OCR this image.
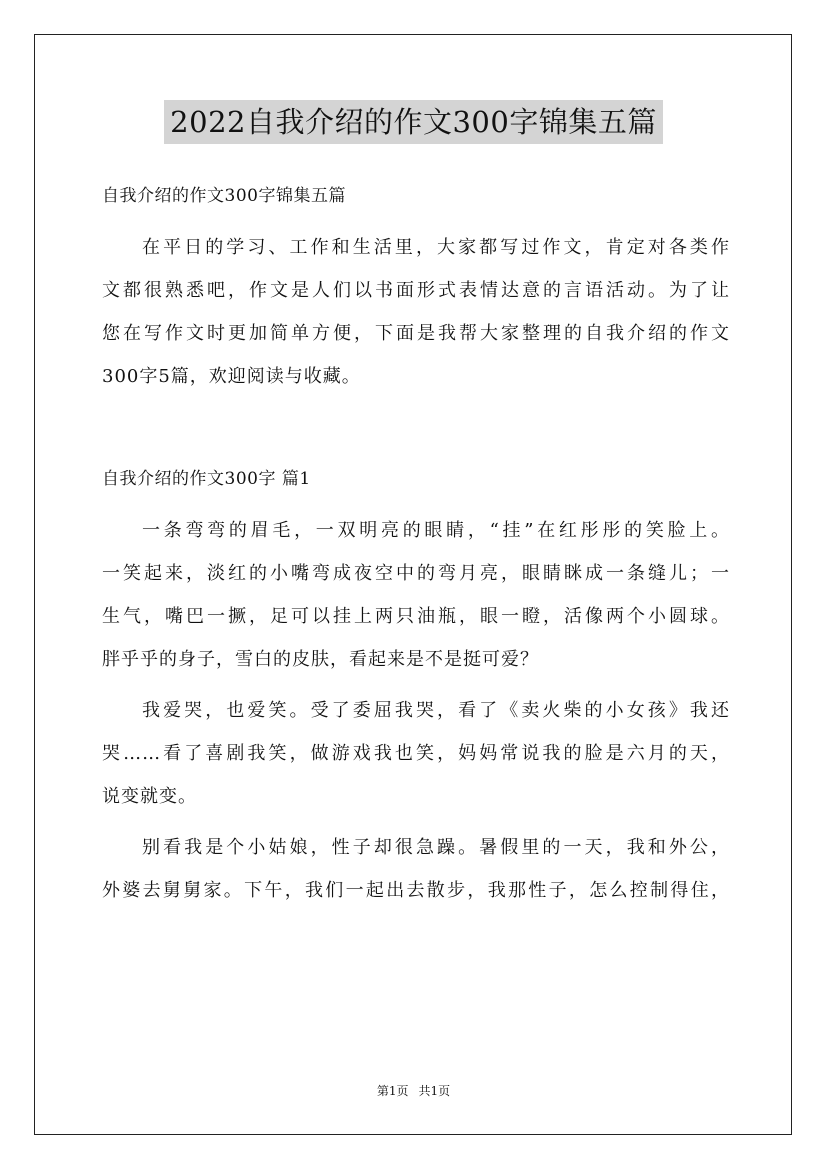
2022自我介绍的作文300字锦集五篇
自我介绍的作文300字锦集五篇
在平日的学习、工作和生活里，大家都写过作文，肯定对各类作
文都很熟悉吧，作文是人们以书面形式表情达意的言语活动。为了让
您在写作文时更加简单方便，下面是我帮大家整理的自我介绍的作文
300字5篇，欢迎阅读与收藏。
自我介绍的作文300字 篇1
一条弯弯的眉毛，一双明亮的眼睛，“挂”在红彤彤的笑脸上。
一笑起来，淡红的小嘴弯成夜空中的弯月亮，眼睛眯成一条缝儿；一
生气，嘴巴一撅，足可以挂上两只油瓶，眼一瞪，活像两个小圆球。
胖乎乎的身子，雪白的皮肤，看起来是不是挺可爱？
我爱哭，也爱笑。受了委屈我哭，看了《卖火柴的小女孩》我还
哭……看了喜剧我笑，做游戏我也笑，妈妈常说我的脸是六月的天，
说变就变。
别看我是个小姑娘，性子却很急躁。暑假里的一天，我和外公，
外婆去舅舅家。下午，我们一起出去散步，我那性子，怎么控制得住，
第1页 共1页
